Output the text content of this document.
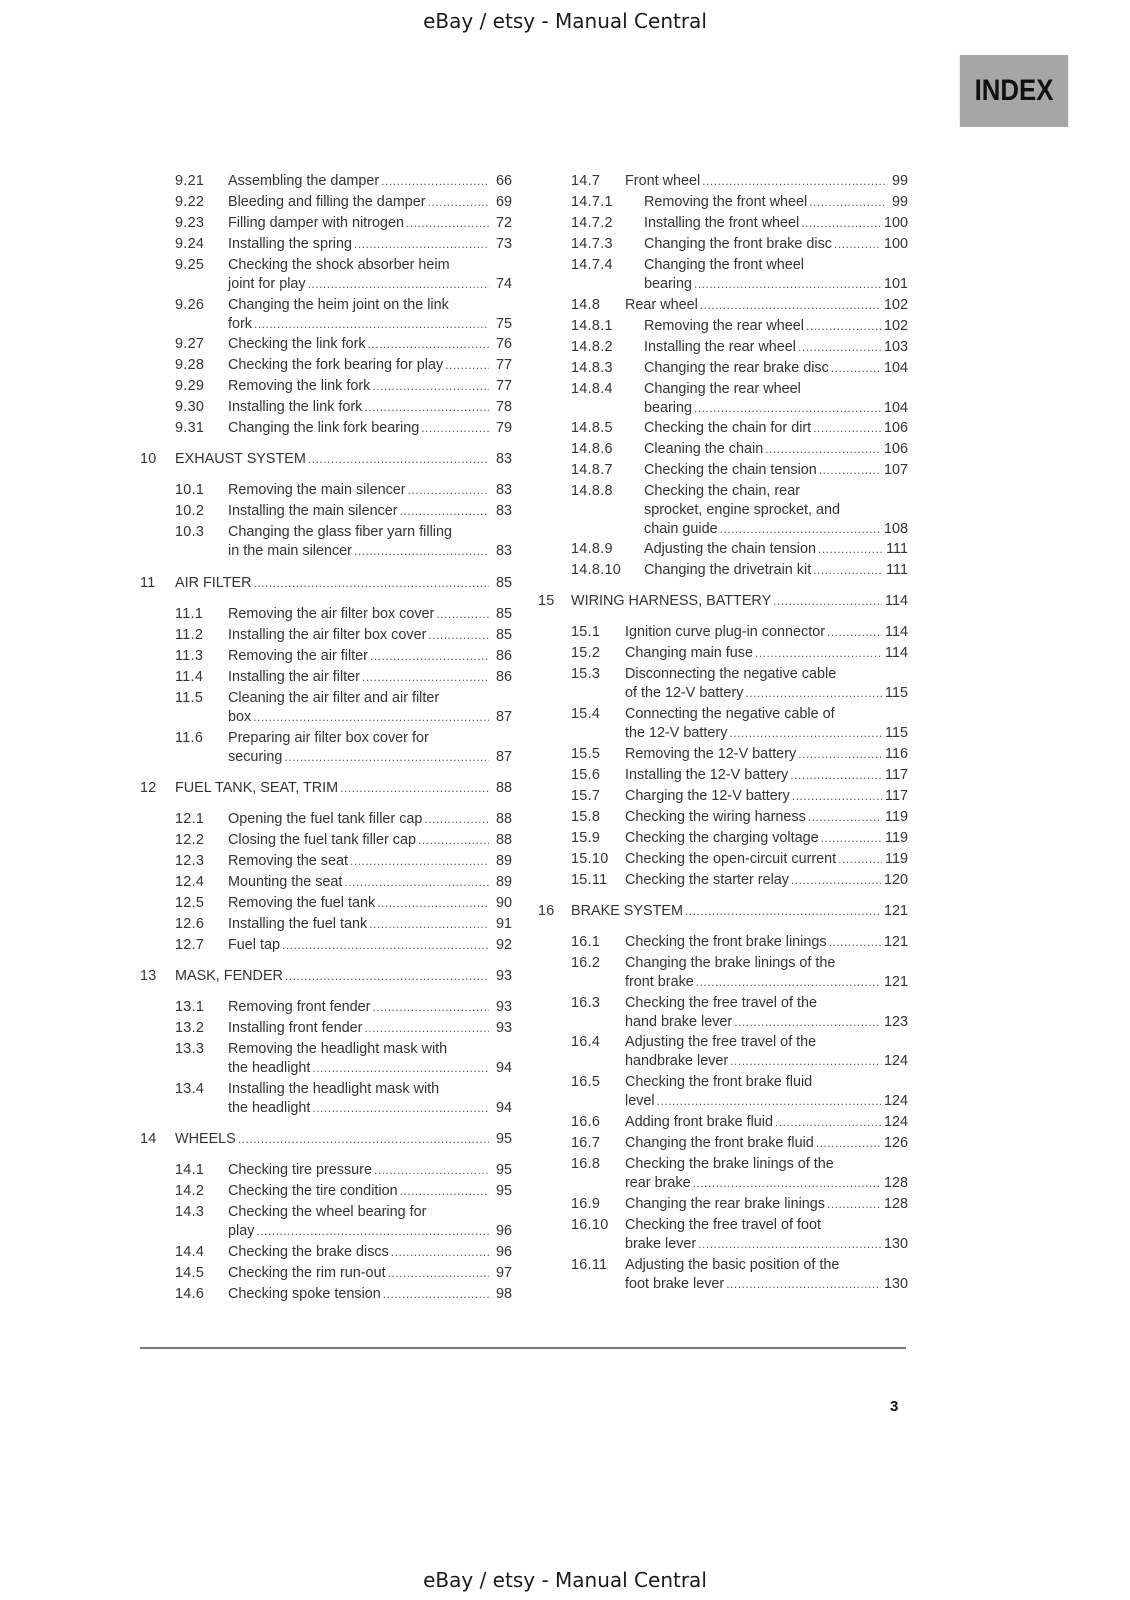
eBay / etsy - Manual Central
INDEX
9.21 Assembling the damper .....	66
9.22 Bleeding and filling the damper .....	69
9.23 Filling damper with nitrogen .....	72
9.24 Installing the spring .....	73
9.25 Checking the shock absorber heim
joint for play .....	74
9.26 Changing the heim joint on the link
fork .....	75
9.27 Checking the link fork .....	76
9.28 Checking the fork bearing for play .....	77
9.29 Removing the link fork .....	77
9.30 Installing the link fork .....	78
9.31 Changing the link fork bearing .....	79
10 EXHAUST SYSTEM .....	83
10.1 Removing the main silencer .....	83
10.2 Installing the main silencer .....	83
10.3 Changing the glass fiber yarn filling
in the main silencer .....	83
11 AIR FILTER .....	85
11.1 Removing the air filter box cover .....	85
11.2 Installing the air filter box cover .....	85
11.3 Removing the air filter .....	86
11.4 Installing the air filter .....	86
11.5 Cleaning the air filter and air filter
box .....	87
11.6 Preparing air filter box cover for
securing .....	87
12 FUEL TANK, SEAT, TRIM .....	88
12.1 Opening the fuel tank filler cap .....	88
12.2 Closing the fuel tank filler cap .....	88
12.3 Removing the seat .....	89
12.4 Mounting the seat .....	89
12.5 Removing the fuel tank .....	90
12.6 Installing the fuel tank .....	91
12.7 Fuel tap .....	92
13 MASK, FENDER .....	93
13.1 Removing front fender .....	93
13.2 Installing front fender .....	93
13.3 Removing the headlight mask with
the headlight .....	94
13.4 Installing the headlight mask with
the headlight .....	94
14 WHEELS .....	95
14.1 Checking tire pressure .....	95
14.2 Checking the tire condition .....	95
14.3 Checking the wheel bearing for
play .....	96
14.4 Checking the brake discs .....	96
14.5 Checking the rim run-out .....	97
14.6 Checking spoke tension .....	98
14.7 Front wheel .....	99
14.7.1 Removing the front wheel .....	99
14.7.2 Installing the front wheel .....	100
14.7.3 Changing the front brake disc .....	100
14.7.4 Changing the front wheel
bearing .....	101
14.8 Rear wheel .....	102
14.8.1 Removing the rear wheel .....	102
14.8.2 Installing the rear wheel .....	103
14.8.3 Changing the rear brake disc .....	104
14.8.4 Changing the rear wheel
bearing .....	104
14.8.5 Checking the chain for dirt .....	106
14.8.6 Cleaning the chain .....	106
14.8.7 Checking the chain tension .....	107
14.8.8 Checking the chain, rear
sprocket, engine sprocket, and
chain guide .....	108
14.8.9 Adjusting the chain tension .....	111
14.8.10 Changing the drivetrain kit .....	111
15 WIRING HARNESS, BATTERY .....	114
15.1 Ignition curve plug-in connector .....	114
15.2 Changing main fuse .....	114
15.3 Disconnecting the negative cable
of the 12-V battery .....	115
15.4 Connecting the negative cable of
the 12-V battery .....	115
15.5 Removing the 12-V battery .....	116
15.6 Installing the 12-V battery .....	117
15.7 Charging the 12-V battery .....	117
15.8 Checking the wiring harness .....	119
15.9 Checking the charging voltage .....	119
15.10 Checking the open-circuit current .....	119
15.11 Checking the starter relay .....	120
16 BRAKE SYSTEM .....	121
16.1 Checking the front brake linings .....	121
16.2 Changing the brake linings of the
front brake .....	121
16.3 Checking the free travel of the
hand brake lever .....	123
16.4 Adjusting the free travel of the
handbrake lever .....	124
16.5 Checking the front brake fluid
level .....	124
16.6 Adding front brake fluid .....	124
16.7 Changing the front brake fluid .....	126
16.8 Checking the brake linings of the
rear brake .....	128
16.9 Changing the rear brake linings .....	128
16.10 Checking the free travel of foot
brake lever .....	130
16.11 Adjusting the basic position of the
foot brake lever .....	130
3
eBay / etsy - Manual Central
